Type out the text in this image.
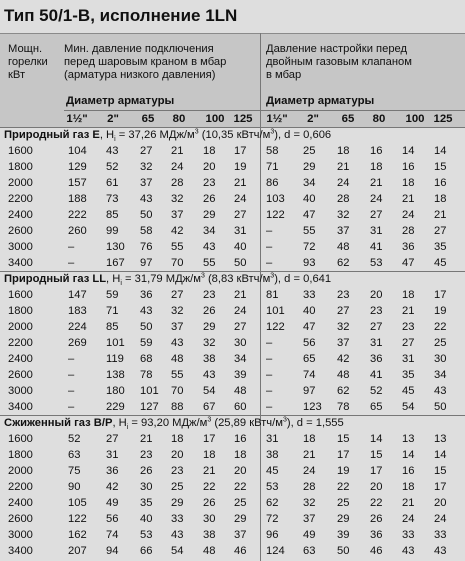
Тип 50/1-B, исполнение 1LN
Мощн.
горелки
кВт
Мин. давление подключения
перед шаровым краном в мбар
(арматура низкого давления)
Давление настройки перед
двойным газовым клапаном
в мбар
Диаметр арматуры	Диаметр арматуры
1½"	2"	65	80	100 125	1½"	2"	65	80	100 125
Природный газ E, $H_i = 37,26$ МДж/$м^3$ (10,35 кВтч/$м^3$), d = 0,606
1600	104 43 27 21 18 17 58 25 18 16 14 14
1800	129 52 32 24 20 19 71 29 21 18 16 15
2000	157 61 37 28 23 21 86 34 24 21 18 16
2200	188 73 43 32 26 24 103 40 28 24 21 18
2400	222 85 50 37 29 27 122 47 32 27 24 21
2600	260 99 58 42 34 31 –	55 37 31 28 27
3000	–	130 76 55 43 40 –	72 48 41 36 35
3400	–	167 97 70 55 50 –	93 62 53 47 45
Природный газ LL, $H_i = 31,79$ МДж/$м^3$ (8,83 кВтч/$м^3$), d = 0,641
1600	147 59 36 27 23 21 81 33 23 20 18 17
1800	183 71 43 32 26 24 101 40 27 23 21 19
2000	224 85 50 37 29 27 122 47 32 27 23 22
2200	269 101 59 43 32 30 –	56 37 31 27 25
2400	–	119 68 48 38 34 –	65 42 36 31 30
2600	–	138 78 55 43 39 –	74 48 41 35 34
3000	–	180 101 70 54 48 –	97 62 52 45 43
3400	–	229 127 88 67 60 –	123 78 65 54 50
Сжиженный газ B/P, $H_i = 93,20$ МДж/$м^3$ (25,89 кВтч/$м^3$), d = 1,555
1600	52 27 21 18 17 16 31 18 15 14 13 13
1800	63 31 23 20 18 18 38 21 17 15 14 14
2000	75 36 26 23 21 20 45 24 19 17 16 15
2200	90 42 30 25 22 22 53 28 22 20 18 17
2400	105 49 35 29 26 25 62 32 25 22 21 20
2600	122 56 40 33 30 29 72 37 29 26 24 24
3000	162 74 53 43 38 37 96 49 39 36 33 33
3400	207 94 66 54 48 46 124 63 50 46 43 43
